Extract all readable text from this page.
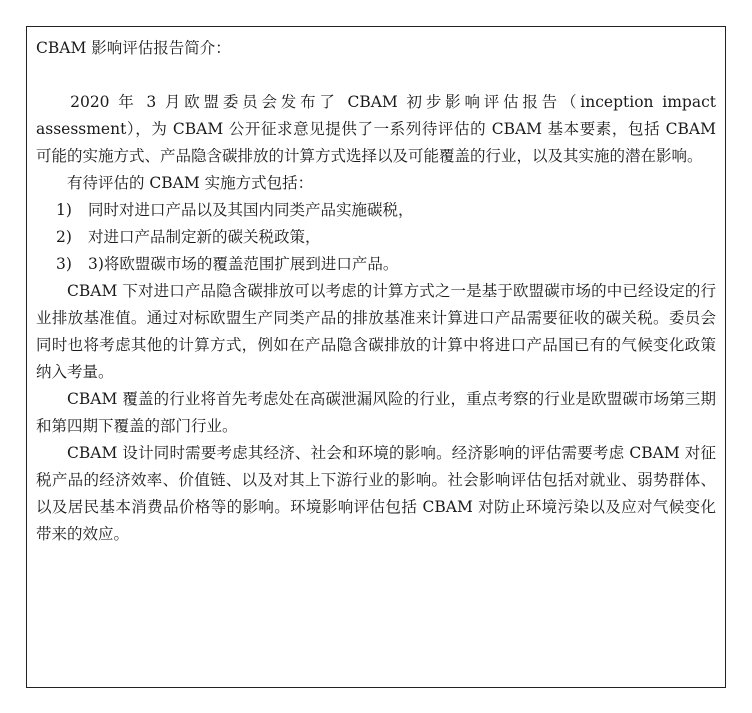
CBAM 影响评估报告简介：

2020 年 3 月欧盟委员会发布了 CBAM 初步影响评估报告（inception impact assessment），为 CBAM 公开征求意见提供了一系列待评估的 CBAM 基本要素，包括 CBAM 可能的实施方式、产品隐含碳排放的计算方式选择以及可能覆盖的行业，以及其实施的潜在影响。

有待评估的 CBAM 实施方式包括：

1)	同时对进口产品以及其国内同类产品实施碳税，
2)	对进口产品制定新的碳关税政策，
3)	3)将欧盟碳市场的覆盖范围扩展到进口产品。

CBAM 下对进口产品隐含碳排放可以考虑的计算方式之一是基于欧盟碳市场的中已经设定的行业排放基准值。通过对标欧盟生产同类产品的排放基准来计算进口产品需要征收的碳关税。委员会同时也将考虑其他的计算方式，例如在产品隐含碳排放的计算中将进口产品国已有的气候变化政策纳入考量。

CBAM 覆盖的行业将首先考虑处在高碳泄漏风险的行业，重点考察的行业是欧盟碳市场第三期和第四期下覆盖的部门行业。

CBAM 设计同时需要考虑其经济、社会和环境的影响。经济影响的评估需要考虑 CBAM 对征税产品的经济效率、价值链、以及对其上下游行业的影响。社会影响评估包括对就业、弱势群体、以及居民基本消费品价格等的影响。环境影响评估包括 CBAM 对防止环境污染以及应对气候变化带来的效应。
